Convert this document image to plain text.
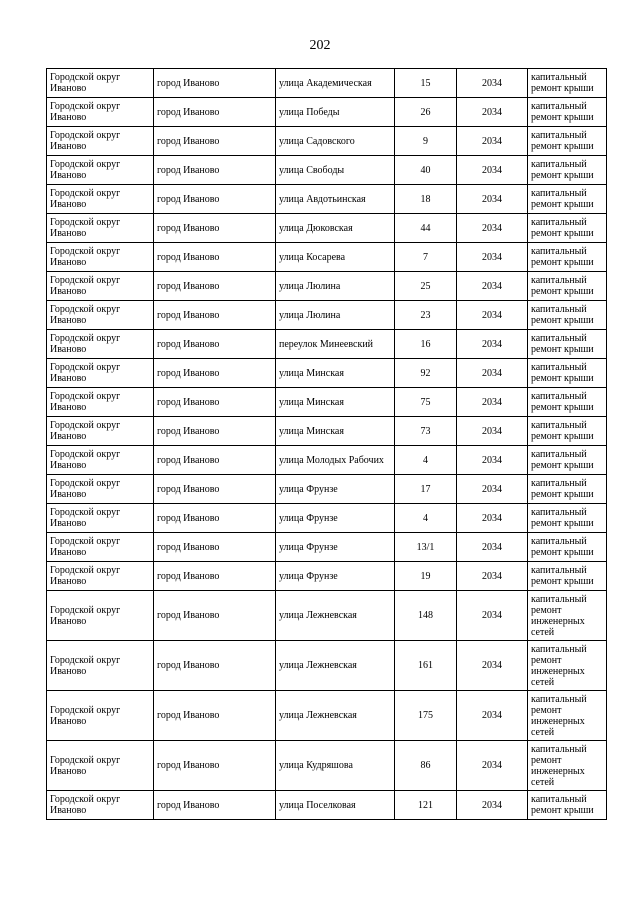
202
Городской округ Иваново	город Иваново	улица Академическая	15	2034	капитальный ремонт крыши
Городской округ Иваново	город Иваново	улица Победы	26	2034	капитальный ремонт крыши
Городской округ Иваново	город Иваново	улица Садовского	9	2034	капитальный ремонт крыши
Городской округ Иваново	город Иваново	улица Свободы	40	2034	капитальный ремонт крыши
Городской округ Иваново	город Иваново	улица Авдотьинская	18	2034	капитальный ремонт крыши
Городской округ Иваново	город Иваново	улица Дюковская	44	2034	капитальный ремонт крыши
Городской округ Иваново	город Иваново	улица Косарева	7	2034	капитальный ремонт крыши
Городской округ Иваново	город Иваново	улица Люлина	25	2034	капитальный ремонт крыши
Городской округ Иваново	город Иваново	улица Люлина	23	2034	капитальный ремонт крыши
Городской округ Иваново	город Иваново	переулок Минеевский	16	2034	капитальный ремонт крыши
Городской округ Иваново	город Иваново	улица Минская	92	2034	капитальный ремонт крыши
Городской округ Иваново	город Иваново	улица Минская	75	2034	капитальный ремонт крыши
Городской округ Иваново	город Иваново	улица Минская	73	2034	капитальный ремонт крыши
Городской округ Иваново	город Иваново	улица Молодых Рабочих	4	2034	капитальный ремонт крыши
Городской округ Иваново	город Иваново	улица Фрунзе	17	2034	капитальный ремонт крыши
Городской округ Иваново	город Иваново	улица Фрунзе	4	2034	капитальный ремонт крыши
Городской округ Иваново	город Иваново	улица Фрунзе	13/1	2034	капитальный ремонт крыши
Городской округ Иваново	город Иваново	улица Фрунзе	19	2034	капитальный ремонт крыши
Городской округ Иваново	город Иваново	улица Лежневская	148	2034	капитальный ремонт инженерных сетей
Городской округ Иваново	город Иваново	улица Лежневская	161	2034	капитальный ремонт инженерных сетей
Городской округ Иваново	город Иваново	улица Лежневская	175	2034	капитальный ремонт инженерных сетей
Городской округ Иваново	город Иваново	улица Кудряшова	86	2034	капитальный ремонт инженерных сетей
Городской округ Иваново	город Иваново	улица Поселковая	121	2034	капитальный ремонт крыши
